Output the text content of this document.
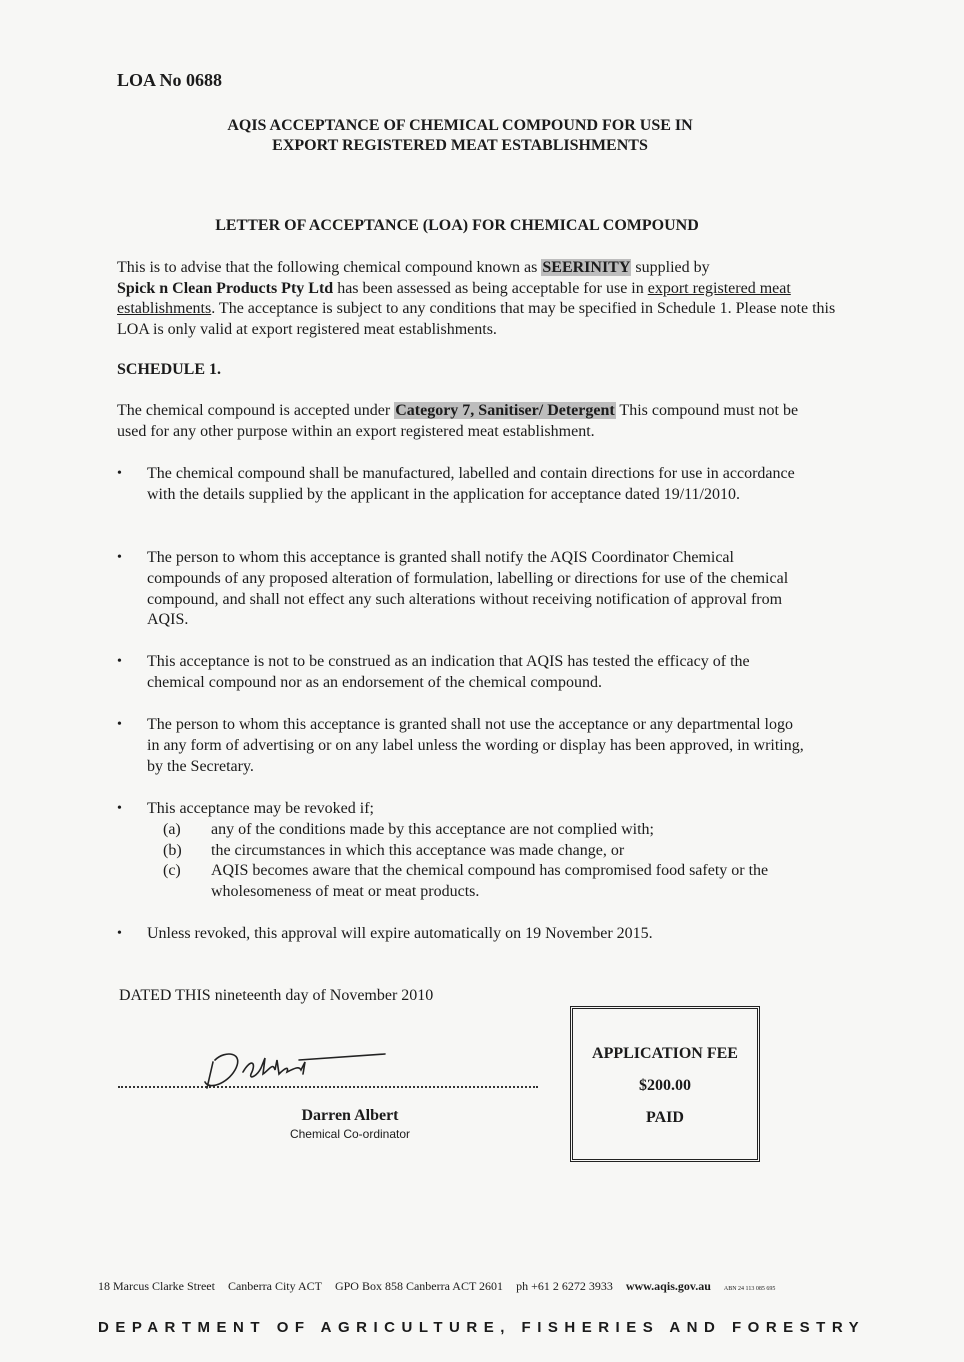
LOA No 0688
AQIS ACCEPTANCE OF CHEMICAL COMPOUND FOR USE IN
EXPORT REGISTERED MEAT ESTABLISHMENTS
LETTER OF ACCEPTANCE (LOA) FOR CHEMICAL COMPOUND
This is to advise that the following chemical compound known as SEERINITY supplied by
Spick n Clean Products Pty Ltd has been assessed as being acceptable for use in export registered meat establishments. The acceptance is subject to any conditions that may be specified in Schedule 1. Please note this LOA is only valid at export registered meat establishments.
SCHEDULE 1.
The chemical compound is accepted under Category 7, Sanitiser/ Detergent This compound must not be used for any other purpose within an export registered meat establishment.
• The chemical compound shall be manufactured, labelled and contain directions for use in accordance with the details supplied by the applicant in the application for acceptance dated 19/11/2010.
• The person to whom this acceptance is granted shall notify the AQIS Coordinator Chemical compounds of any proposed alteration of formulation, labelling or directions for use of the chemical compound, and shall not effect any such alterations without receiving notification of approval from AQIS.
• This acceptance is not to be construed as an indication that AQIS has tested the efficacy of the chemical compound nor as an endorsement of the chemical compound.
• The person to whom this acceptance is granted shall not use the acceptance or any departmental logo in any form of advertising or on any label unless the wording or display has been approved, in writing, by the Secretary.
• This acceptance may be revoked if;
(a)	any of the conditions made by this acceptance are not complied with;
(b)	the circumstances in which this acceptance was made change, or
(c)	AQIS becomes aware that the chemical compound has compromised food safety or the wholesomeness of meat or meat products.
• Unless revoked, this approval will expire automatically on 19 November 2015.
DATED THIS nineteenth day of November 2010
Darren Albert
Chemical Co-ordinator
APPLICATION FEE
$200.00
PAID
18 Marcus Clarke Street Canberra City ACT GPO Box 858 Canberra ACT 2601 ph +61 2 6272 3933 www.aqis.gov.au ABN 24 113 085 695
DEPARTMENT OF AGRICULTURE, FISHERIES AND FORESTRY
